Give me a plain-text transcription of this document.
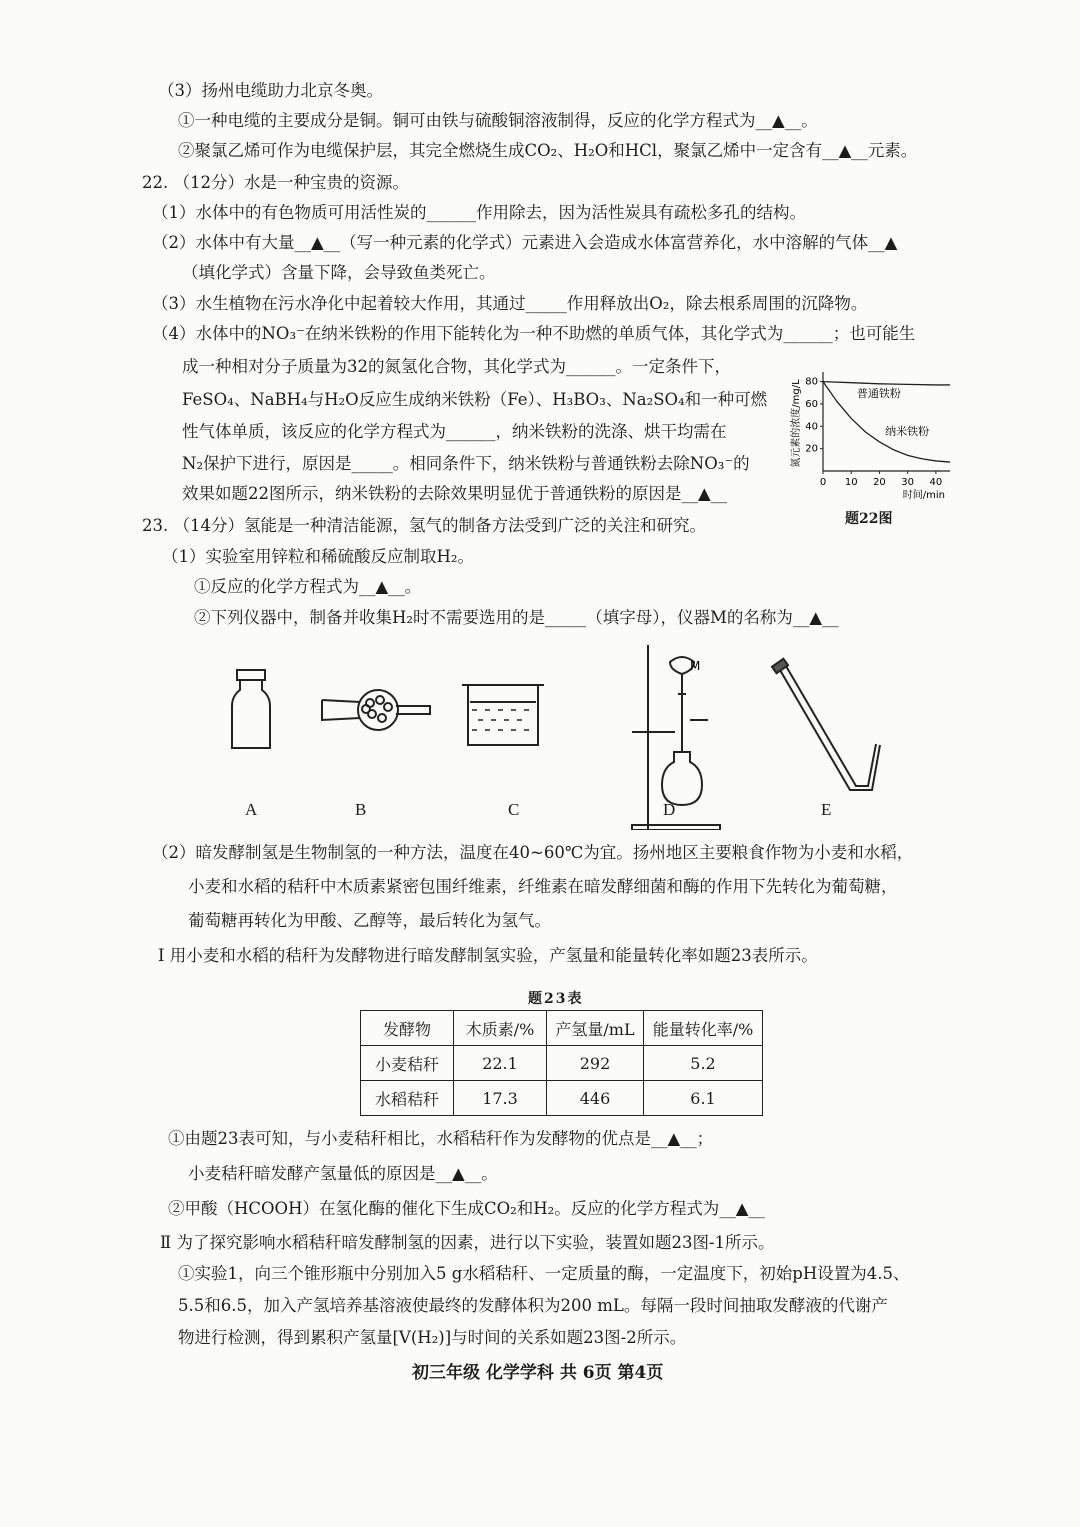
（3）扬州电缆助力北京冬奥。
①一种电缆的主要成分是铜。铜可由铁与硫酸铜溶液制得，反应的化学方程式为__▲__。
②聚氯乙烯可作为电缆保护层，其完全燃烧生成CO₂、H₂O和HCl，聚氯乙烯中一定含有__▲__元素。
22. （12分）水是一种宝贵的资源。
（1）水体中的有色物质可用活性炭的______作用除去，因为活性炭具有疏松多孔的结构。
（2）水体中有大量__▲__（写一种元素的化学式）元素进入会造成水体富营养化，水中溶解的气体__▲
（填化学式）含量下降，会导致鱼类死亡。
（3）水生植物在污水净化中起着较大作用，其通过_____作用释放出O₂，除去根系周围的沉降物。
（4）水体中的NO₃⁻在纳米铁粉的作用下能转化为一种不助燃的单质气体，其化学式为______；也可能生
成一种相对分子质量为32的氮氢化合物，其化学式为______。一定条件下，
FeSO₄、NaBH₄与H₂O反应生成纳米铁粉（Fe）、H₃BO₃、Na₂SO₄和一种可燃
性气体单质，该反应的化学方程式为______，纳米铁粉的洗涤、烘干均需在
N₂保护下进行，原因是_____。相同条件下，纳米铁粉与普通铁粉去除NO₃⁻的
效果如题22图所示，纳米铁粉的去除效果明显优于普通铁粉的原因是__▲__
0 10 20 30 40
20
40
60
80
时间/min
氮元素的浓度/mg/L	普通铁粉
纳米铁粉
题22图
23. （14分）氢能是一种清洁能源，氢气的制备方法受到广泛的关注和研究。
（1）实验室用锌粒和稀硫酸反应制取H₂。
①反应的化学方程式为__▲__。
②下列仪器中，制备并收集H₂时不需要选用的是_____（填字母），仪器M的名称为__▲__
M
A	B	C	D	E
（2）暗发酵制氢是生物制氢的一种方法，温度在40~60℃为宜。扬州地区主要粮食作物为小麦和水稻，
小麦和水稻的秸秆中木质素紧密包围纤维素，纤维素在暗发酵细菌和酶的作用下先转化为葡萄糖，
葡萄糖再转化为甲酸、乙醇等，最后转化为氢气。
Ⅰ 用小麦和水稻的秸秆为发酵物进行暗发酵制氢实验，产氢量和能量转化率如题23表所示。
题23表
发酵物	木质素/%	产氢量/mL	能量转化率/%
小麦秸秆	22.1	292	5.2
水稻秸秆	17.3	446	6.1
①由题23表可知，与小麦秸秆相比，水稻秸秆作为发酵物的优点是__▲__；
小麦秸秆暗发酵产氢量低的原因是__▲__。
②甲酸（HCOOH）在氢化酶的催化下生成CO₂和H₂。反应的化学方程式为__▲__
Ⅱ 为了探究影响水稻秸秆暗发酵制氢的因素，进行以下实验，装置如题23图-1所示。
①实验1，向三个锥形瓶中分别加入5 g水稻秸秆、一定质量的酶，一定温度下，初始pH设置为4.5、
5.5和6.5，加入产氢培养基溶液使最终的发酵体积为200 mL。每隔一段时间抽取发酵液的代谢产
物进行检测，得到累积产氢量[V(H₂)]与时间的关系如题23图-2所示。
初三年级 化学学科 共 6页 第4页
